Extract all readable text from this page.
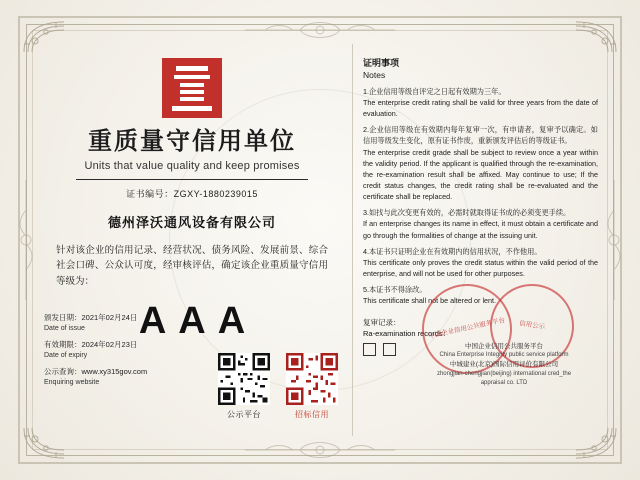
重质量守信用单位
Units that value quality and keep promises
证书编号：ZGXY-1880239015
德州泽沃通风设备有限公司
针对该企业的信用记录、经营状况、债务风险、发展前景、综合社会口碑、公众认可度，经审核评估，确定该企业重质量守信用等级为：
AAA
颁发日期：2021年02月24日
Date of issue
有效期限：2024年02月23日
Date of expiry
公示查询：www.xy315gov.com
Enquiring website
公示平台	招标信用
证明事项
Notes
1.企业信用等级自评定之日起有效期为三年。
The enterprise credit rating shall be valid for three years from the date of evaluation.
2.企业信用等级在有效期内每年复审一次，有申请者，复审予以确定。如信用等级发生变化，原有证书作废，重新颁发评估后的等级证书。
The enterprise credit grade shall be subject to review once a year within the validity period. If the applicant is qualified through the re-examination, the re-examination result shall be affixed. May continue to use; If the credit status changes, the credit rating shall be re-evaluated and the certificate shall be replaced.
3.如找与此次变更有效的，必需时就取得证书成的必须变更手续。
If an enterprise changes its name in effect, it must obtain a certificate and go through the formalities of change at the issuing unit.
4.本证书只证明企业在有效期内的信用状况，不作他用。
This certificate only proves the credit status within the valid period of the enterprise, and will not be used for other purposes.
5.本证书不得涂改。
This certificate shall not be altered or lent.
复审记录：
Ra-examination records：
中国企业信用公共服务平台 信用公示
中国企业信用公共服务平台
China Enterprise Integrity public service platform
中城建业(北京)国际信用评价有限公司
zhongjian-chengjian(beijing) international cred_the appraisal co. LTD
